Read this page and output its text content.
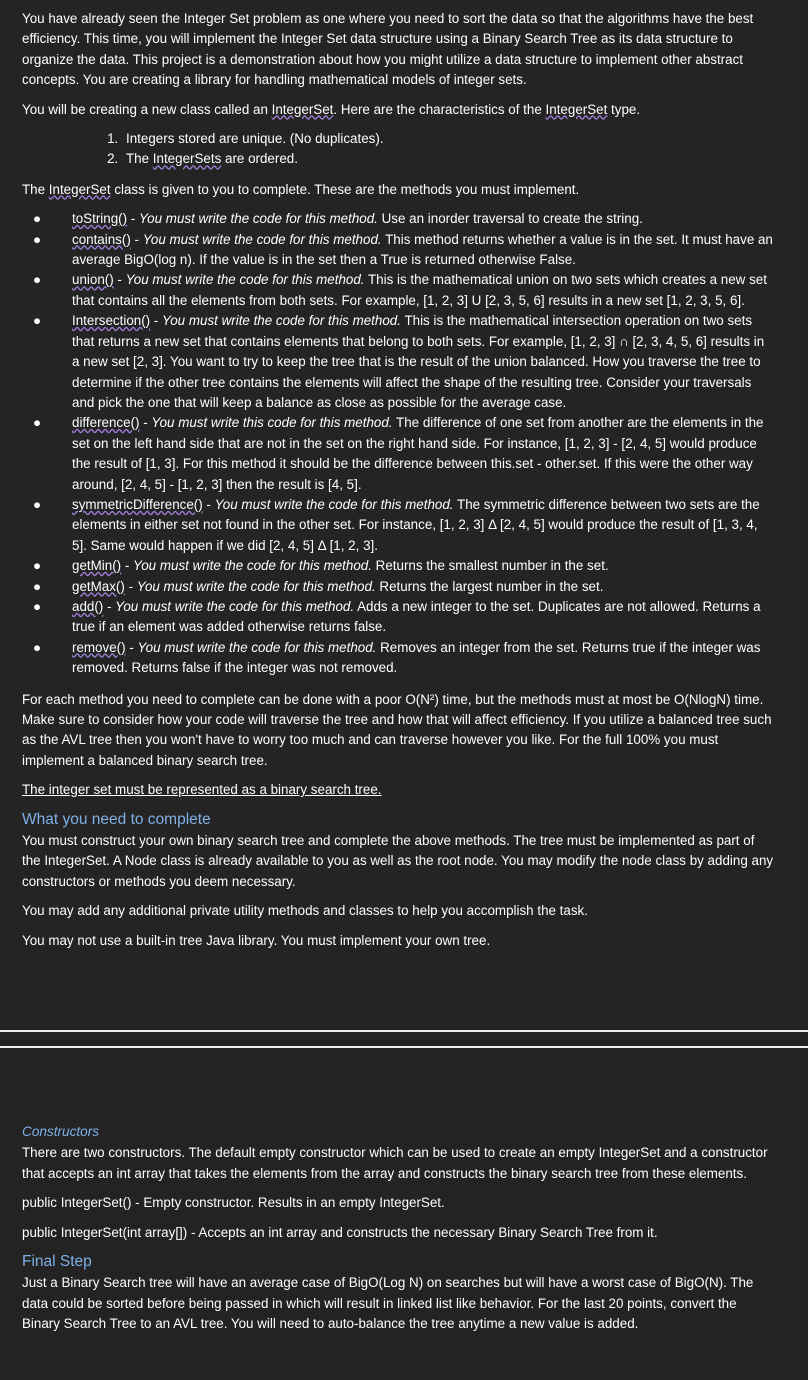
You have already seen the Integer Set problem as one where you need to sort the data so that the algorithms have the best efficiency. This time, you will implement the Integer Set data structure using a Binary Search Tree as its data structure to organize the data. This project is a demonstration about how you might utilize a data structure to implement other abstract concepts. You are creating a library for handling mathematical models of integer sets.

You will be creating a new class called an IntegerSet. Here are the characteristics of the IntegerSet type.

1. Integers stored are unique. (No duplicates).
2. The IntegerSets are ordered.

The IntegerSet class is given to you to complete. These are the methods you must implement.

● toString() - You must write the code for this method. Use an inorder traversal to create the string.
● contains() - You must write the code for this method. This method returns whether a value is in the set. It must have an average BigO(log n). If the value is in the set then a True is returned otherwise False.
● union() - You must write the code for this method. This is the mathematical union on two sets which creates a new set that contains all the elements from both sets. For example, [1, 2, 3] U [2, 3, 5, 6] results in a new set [1, 2, 3, 5, 6].
● Intersection() - You must write the code for this method. This is the mathematical intersection operation on two sets that returns a new set that contains elements that belong to both sets. For example, [1, 2, 3] ∩ [2, 3, 4, 5, 6] results in a new set [2, 3]. You want to try to keep the tree that is the result of the union balanced. How you traverse the tree to determine if the other tree contains the elements will affect the shape of the resulting tree. Consider your traversals and pick the one that will keep a balance as close as possible for the average case.
● difference() - You must write this code for this method. The difference of one set from another are the elements in the set on the left hand side that are not in the set on the right hand side. For instance, [1, 2, 3] - [2, 4, 5] would produce the result of [1, 3]. For this method it should be the difference between this.set - other.set. If this were the other way around, [2, 4, 5] - [1, 2, 3] then the result is [4, 5].
● symmetricDifference() - You must write the code for this method. The symmetric difference between two sets are the elements in either set not found in the other set. For instance, [1, 2, 3] Δ [2, 4, 5] would produce the result of [1, 3, 4, 5]. Same would happen if we did [2, 4, 5] Δ [1, 2, 3].
● getMin() - You must write the code for this method. Returns the smallest number in the set.
● getMax() - You must write the code for this method. Returns the largest number in the set.
● add() - You must write the code for this method. Adds a new integer to the set. Duplicates are not allowed. Returns a true if an element was added otherwise returns false.
● remove() - You must write the code for this method. Removes an integer from the set. Returns true if the integer was removed. Returns false if the integer was not removed.

For each method you need to complete can be done with a poor O(N²) time, but the methods must at most be O(NlogN) time. Make sure to consider how your code will traverse the tree and how that will affect efficiency. If you utilize a balanced tree such as the AVL tree then you won't have to worry too much and can traverse however you like. For the full 100% you must implement a balanced binary search tree.

The integer set must be represented as a binary search tree.

What you need to complete

You must construct your own binary search tree and complete the above methods. The tree must be implemented as part of the IntegerSet. A Node class is already available to you as well as the root node. You may modify the node class by adding any constructors or methods you deem necessary.

You may add any additional private utility methods and classes to help you accomplish the task.

You may not use a built-in tree Java library. You must implement your own tree.

Constructors

There are two constructors. The default empty constructor which can be used to create an empty IntegerSet and a constructor that accepts an int array that takes the elements from the array and constructs the binary search tree from these elements.

public IntegerSet() - Empty constructor. Results in an empty IntegerSet.

public IntegerSet(int array[]) - Accepts an int array and constructs the necessary Binary Search Tree from it.

Final Step

Just a Binary Search tree will have an average case of BigO(Log N) on searches but will have a worst case of BigO(N). The data could be sorted before being passed in which will result in linked list like behavior. For the last 20 points, convert the Binary Search Tree to an AVL tree. You will need to auto-balance the tree anytime a new value is added.
